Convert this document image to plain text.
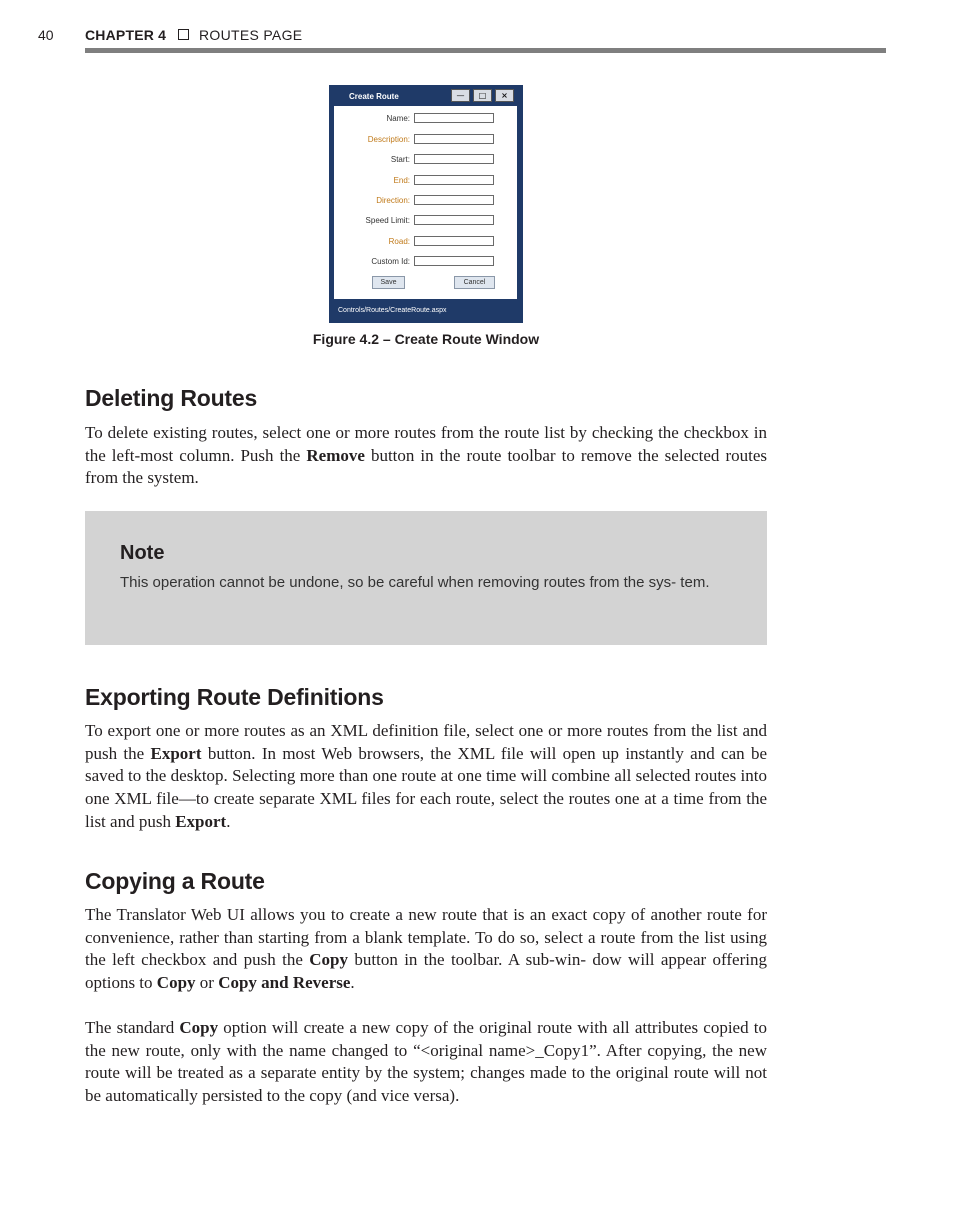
40 CHAPTER 4 ROUTES PAGE
Create Route	—	□	×
Name:
Description:
Start:
End:
Direction:
Speed Limit:
Road:
Custom Id:
Save	Cancel
Controls/Routes/CreateRoute.aspx
Figure 4.2 – Create Route Window
Deleting Routes

To delete existing routes, select one or more routes from the route list by checking the checkbox in the left-most column. Push the Remove button in the route toolbar to remove the selected routes from the system.

Note
This operation cannot be undone, so be careful when removing routes from the sys- tem.
Exporting Route Definitions

To export one or more routes as an XML definition file, select one or more routes from the list and push the Export button. In most Web browsers, the XML file will open up instantly and can be saved to the desktop. Selecting more than one route at one time will combine all selected routes into one XML file—to create separate XML files for each route, select the routes one at a time from the list and push Export.

Copying a Route

The Translator Web UI allows you to create a new route that is an exact copy of another route for convenience, rather than starting from a blank template. To do so, select a route from the list using the left checkbox and push the Copy button in the toolbar. A sub-win- dow will appear offering options to Copy or Copy and Reverse.

The standard Copy option will create a new copy of the original route with all attributes copied to the new route, only with the name changed to “<original name>_Copy1”. After copying, the new route will be treated as a separate entity by the system; changes made to the original route will not be automatically persisted to the copy (and vice versa).
